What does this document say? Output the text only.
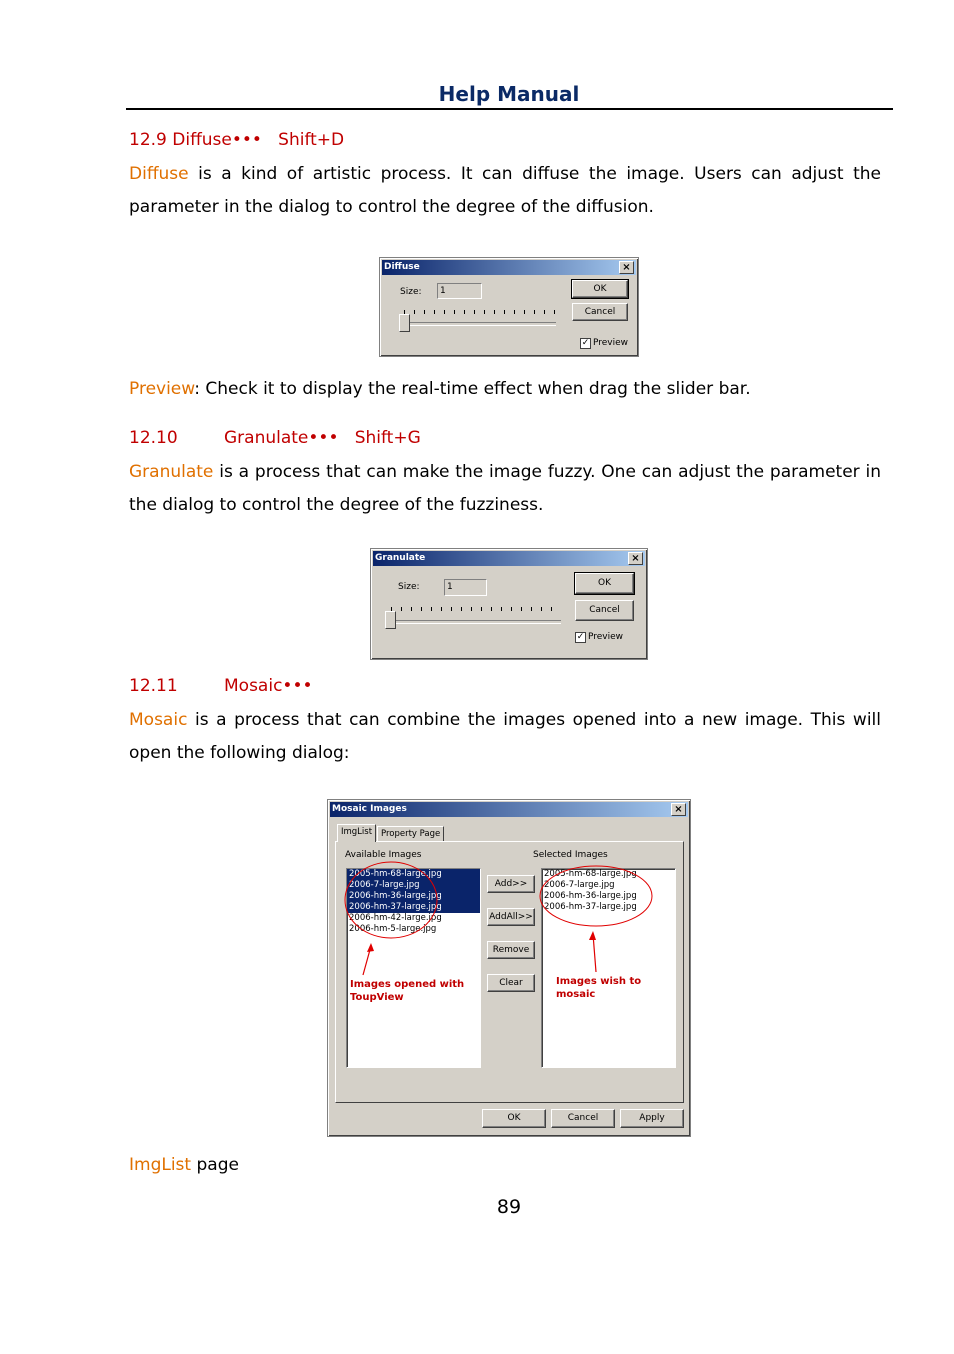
Help Manual
12.9 Diffuse•••   Shift+D
Diffuse is a kind of artistic process. It can diffuse the image. Users can adjust the parameter in the dialog to control the degree of the diffusion.
Diffuse	×
Size:	1	OK
Cancel
✓ Preview
Preview: Check it to display the real-time effect when drag the slider bar.
12.10	Granulate•••   Shift+G
Granulate is a process that can make the image fuzzy. One can adjust the parameter in the dialog to control the degree of the fuzziness.
Granulate	×
Size:	1	OK
Cancel
✓ Preview
12.11	Mosaic•••
Mosaic is a process that can combine the images opened into a new image. This will open the following dialog:
Mosaic Images	×
ImgList	Property Page
Available Images	Selected Images
2005-hm-68-large.jpg
2006-7-large.jpg
2006-hm-36-large.jpg
2006-hm-37-large.jpg
2006-hm-42-large.jpg
2006-hm-5-large.jpg
2005-hm-68-large.jpg
2006-7-large.jpg
2006-hm-36-large.jpg
2006-hm-37-large.jpg
Add>>
AddAll>>
Remove
Clear
Images opened with
ToupView
Images wish to
mosaic
OK	Cancel	Apply
ImgList page
89
